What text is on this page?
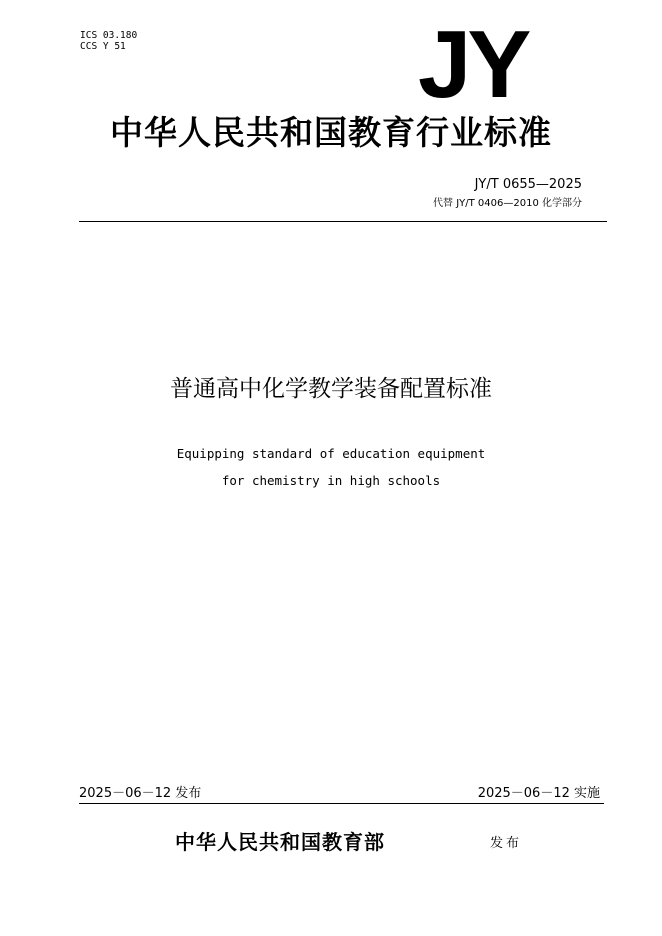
ICS 03.180
CCS Y 51	JY
中华人民共和国教育行业标准
JY/T 0655—2025
代替 JY/T 0406—2010 化学部分
普通高中化学教学装备配置标准
Equipping standard of education equipment
for chemistry in high schools
2025－06－12 发布	2025－06－12 实施
中华人民共和国教育部	发布
